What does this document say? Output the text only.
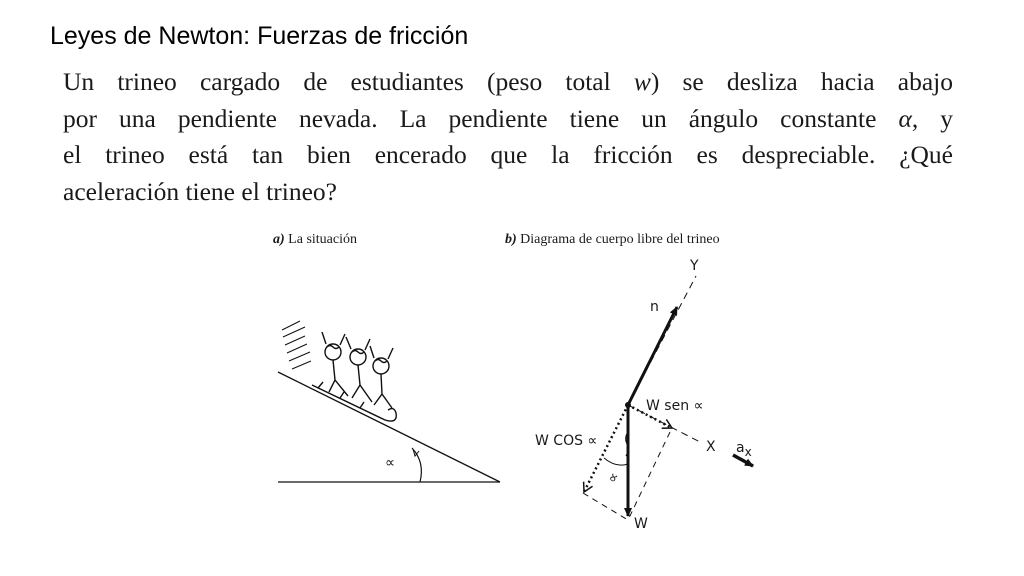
Leyes de Newton: Fuerzas de fricción
Un trineo cargado de estudiantes (peso total w) se desliza hacia abajo
por una pendiente nevada. La pendiente tiene un ángulo constante α, y
el trineo está tan bien encerado que la fricción es despreciable. ¿Qué
aceleración tiene el trineo?
a) La situación	b) Diagrama de cuerpo libre del trineo
∝
Y
X
n
W
W sen ∝
W COS ∝
∝
ax
